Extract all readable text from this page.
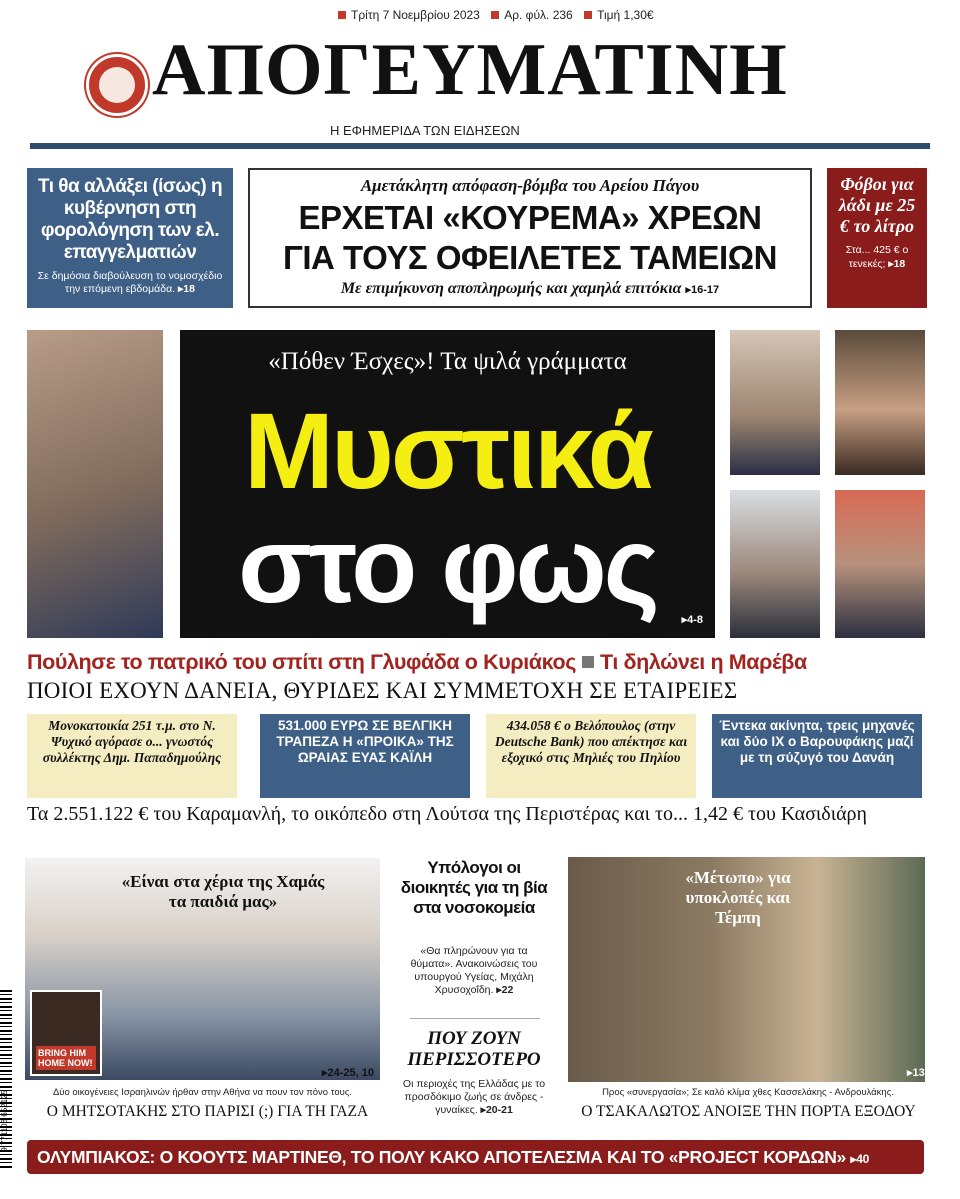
Τρίτη 7 Νοεμβρίου 2023 Αρ. φύλ. 236 Τιμή 1,30€
ΑΠΟΓΕΥΜΑΤΙΝΗ
Η ΕΦΗΜΕΡΙΔΑ ΤΩΝ ΕΙΔΗΣΕΩΝ
Τι θα αλλάξει (ίσως) η κυβέρνηση στη φορολόγηση των ελ. επαγγελματιών
Σε δημόσια διαβούλευση το νομοσχέδιο την επόμενη εβδομάδα. ▸18
Αμετάκλητη απόφαση-βόμβα του Αρείου Πάγου
ΕΡΧΕΤΑΙ «ΚΟΥΡΕΜΑ» ΧΡΕΩΝ
ΓΙΑ ΤΟΥΣ ΟΦΕΙΛΕΤΕΣ ΤΑΜΕΙΩΝ
Με επιμήκυνση αποπληρωμής και χαμηλά επιτόκια ▸16-17
Φόβοι για λάδι με 25 € το λίτρο
Στα... 425 € ο τενεκές; ▸18
«Πόθεν Έσχες»! Τα ψιλά γράμματα
Μυστικά
στο φως	▸4-8
Πούλησε το πατρικό του σπίτι στη Γλυφάδα ο Κυριάκος Τι δηλώνει η Μαρέβα
ΠΟΙΟΙ ΕΧΟΥΝ ΔΑΝΕΙΑ, ΘΥΡΙΔΕΣ ΚΑΙ ΣΥΜΜΕΤΟΧΗ ΣΕ ΕΤΑΙΡΕΙΕΣ
Μονοκατοικία 251 τ.μ. στο Ν. Ψυχικό αγόρασε ο... γνωστός συλλέκτης Δημ. Παπαδημούλης
531.000 ΕΥΡΩ ΣΕ ΒΕΛΓΙΚΗ ΤΡΑΠΕΖΑ Η «ΠΡΟΙΚΑ» ΤΗΣ ΩΡΑΙΑΣ ΕΥΑΣ ΚΑΪΛΗ
434.058 € ο Βελόπουλος (στην Deutsche Bank) που απέκτησε και εξοχικό στις Μηλιές του Πηλίου
Έντεκα ακίνητα, τρεις μηχανές και δύο ΙΧ ο Βαρουφάκης μαζί με τη σύζυγό του Δανάη
Τα 2.551.122 € του Καραμανλή, το οικόπεδο στη Λούτσα της Περιστέρας και το... 1,42 € του Κασιδιάρη
BRING HIM HOME NOW!
«Είναι στα χέρια της Χαμάς τα παιδιά μας»
▸24-25, 10
Δύο οικογένειες Ισραηλινών ήρθαν στην Αθήνα να πουν τον πόνο τους.
Ο ΜΗΤΣΟΤΑΚΗΣ ΣΤΟ ΠΑΡΙΣΙ (;) ΓΙΑ ΤΗ ΓΑΖΑ
Υπόλογοι οι διοικητές για τη βία στα νοσοκομεία
«Θα πληρώνουν για τα θύματα». Ανακοινώσεις του υπουργού Υγείας, Μιχάλη Χρυσοχοΐδη. ▸22
ΠΟΥ ΖΟΥΝ ΠΕΡΙΣΣΟΤΕΡΟ
Οι περιοχές της Ελλάδας με το προσδόκιμο ζωής σε άνδρες - γυναίκες. ▸20-21
«Μέτωπο» για υποκλοπές και Τέμπη
▸13
Προς «συνεργασία»; Σε καλό κλίμα χθες Κασσελάκης - Ανδρουλάκης.
Ο ΤΣΑΚΑΛΩΤΟΣ ΑΝΟΙΞΕ ΤΗΝ ΠΟΡΤΑ ΕΞΟΔΟΥ
9 771108 652125
ΟΛΥΜΠΙΑΚΟΣ: Ο ΚΟΟΥΤΣ ΜΑΡΤΙΝΕΘ, ΤΟ ΠΟΛΥ ΚΑΚΟ ΑΠΟΤΕΛΕΣΜΑ ΚΑΙ ΤΟ «PROJECT ΚΟΡΔΩΝ» ▸40
